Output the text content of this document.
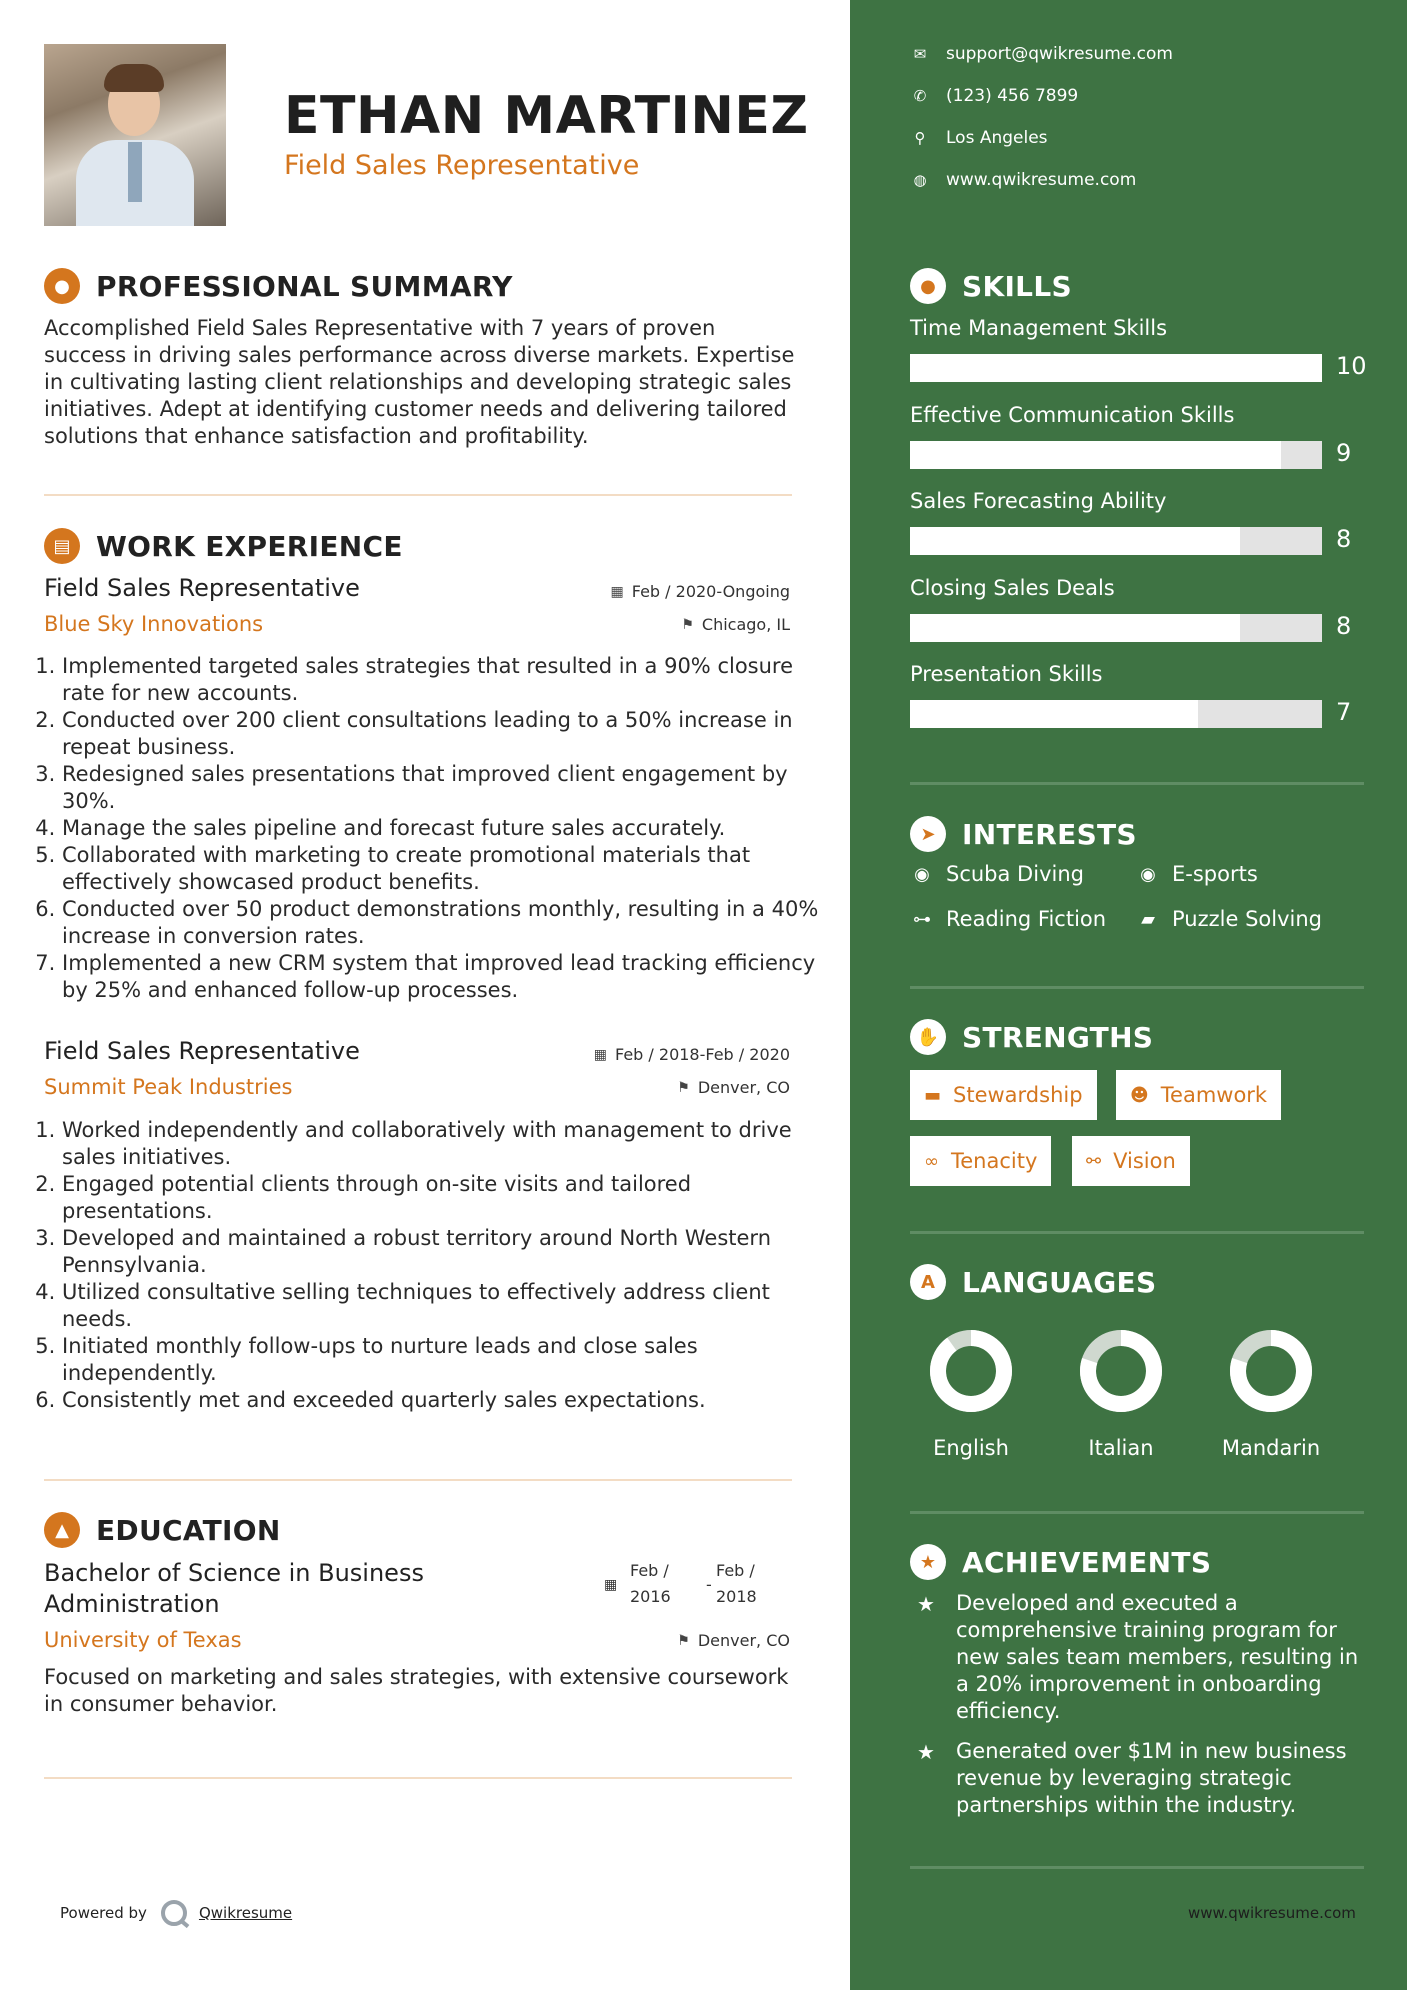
ETHAN MARTINEZ
Field Sales Representative
● PROFESSIONAL SUMMARY
Accomplished Field Sales Representative with 7 years of proven success in driving sales performance across diverse markets. Expertise in cultivating lasting client relationships and developing strategic sales initiatives. Adept at identifying customer needs and delivering tailored solutions that enhance satisfaction and profitability.
▤ WORK EXPERIENCE
Field Sales Representative	▦ Feb / 2020-Ongoing
Blue Sky Innovations	⚑ Chicago, IL
1. Implemented targeted sales strategies that resulted in a 90% closure rate for new accounts.
2. Conducted over 200 client consultations leading to a 50% increase in repeat business.
3. Redesigned sales presentations that improved client engagement by 30%.
4. Manage the sales pipeline and forecast future sales accurately.
5. Collaborated with marketing to create promotional materials that effectively showcased product benefits.
6. Conducted over 50 product demonstrations monthly, resulting in a 40% increase in conversion rates.
7. Implemented a new CRM system that improved lead tracking efficiency by 25% and enhanced follow-up processes.
Field Sales Representative	▦ Feb / 2018-Feb / 2020
Summit Peak Industries	⚑ Denver, CO
1. Worked independently and collaboratively with management to drive sales initiatives.
2. Engaged potential clients through on-site visits and tailored presentations.
3. Developed and maintained a robust territory around North Western Pennsylvania.
4. Utilized consultative selling techniques to effectively address client needs.
5. Initiated monthly follow-ups to nurture leads and close sales independently.
6. Consistently met and exceeded quarterly sales expectations.
▲ EDUCATION
Bachelor of Science in Business Administration
▦
Feb /
2016
-
Feb /
2018
University of Texas	⚑ Denver, CO
Focused on marketing and sales strategies, with extensive coursework in consumer behavior.
Powered by	Qwikresume
✉ support@qwikresume.com
✆ (123) 456 7899
⚲ Los Angeles
◍ www.qwikresume.com
● SKILLS
Time Management Skills
10
Effective Communication Skills
9
Sales Forecasting Ability
8
Closing Sales Deals
8
Presentation Skills
7
➤ INTERESTS
◉ Scuba Diving	◉ E-sports
⊶ Reading Fiction ▰ Puzzle Solving
✋ STRENGTHS
▬ Stewardship	☻ Teamwork
∞ Tenacity	⚯ Vision
A LANGUAGES
English	Italian	Mandarin
★ ACHIEVEMENTS
★	Developed and executed a comprehensive training program for new sales team members, resulting in a 20% improvement in onboarding efficiency.
★	Generated over $1M in new business revenue by leveraging strategic partnerships within the industry.
www.qwikresume.com
